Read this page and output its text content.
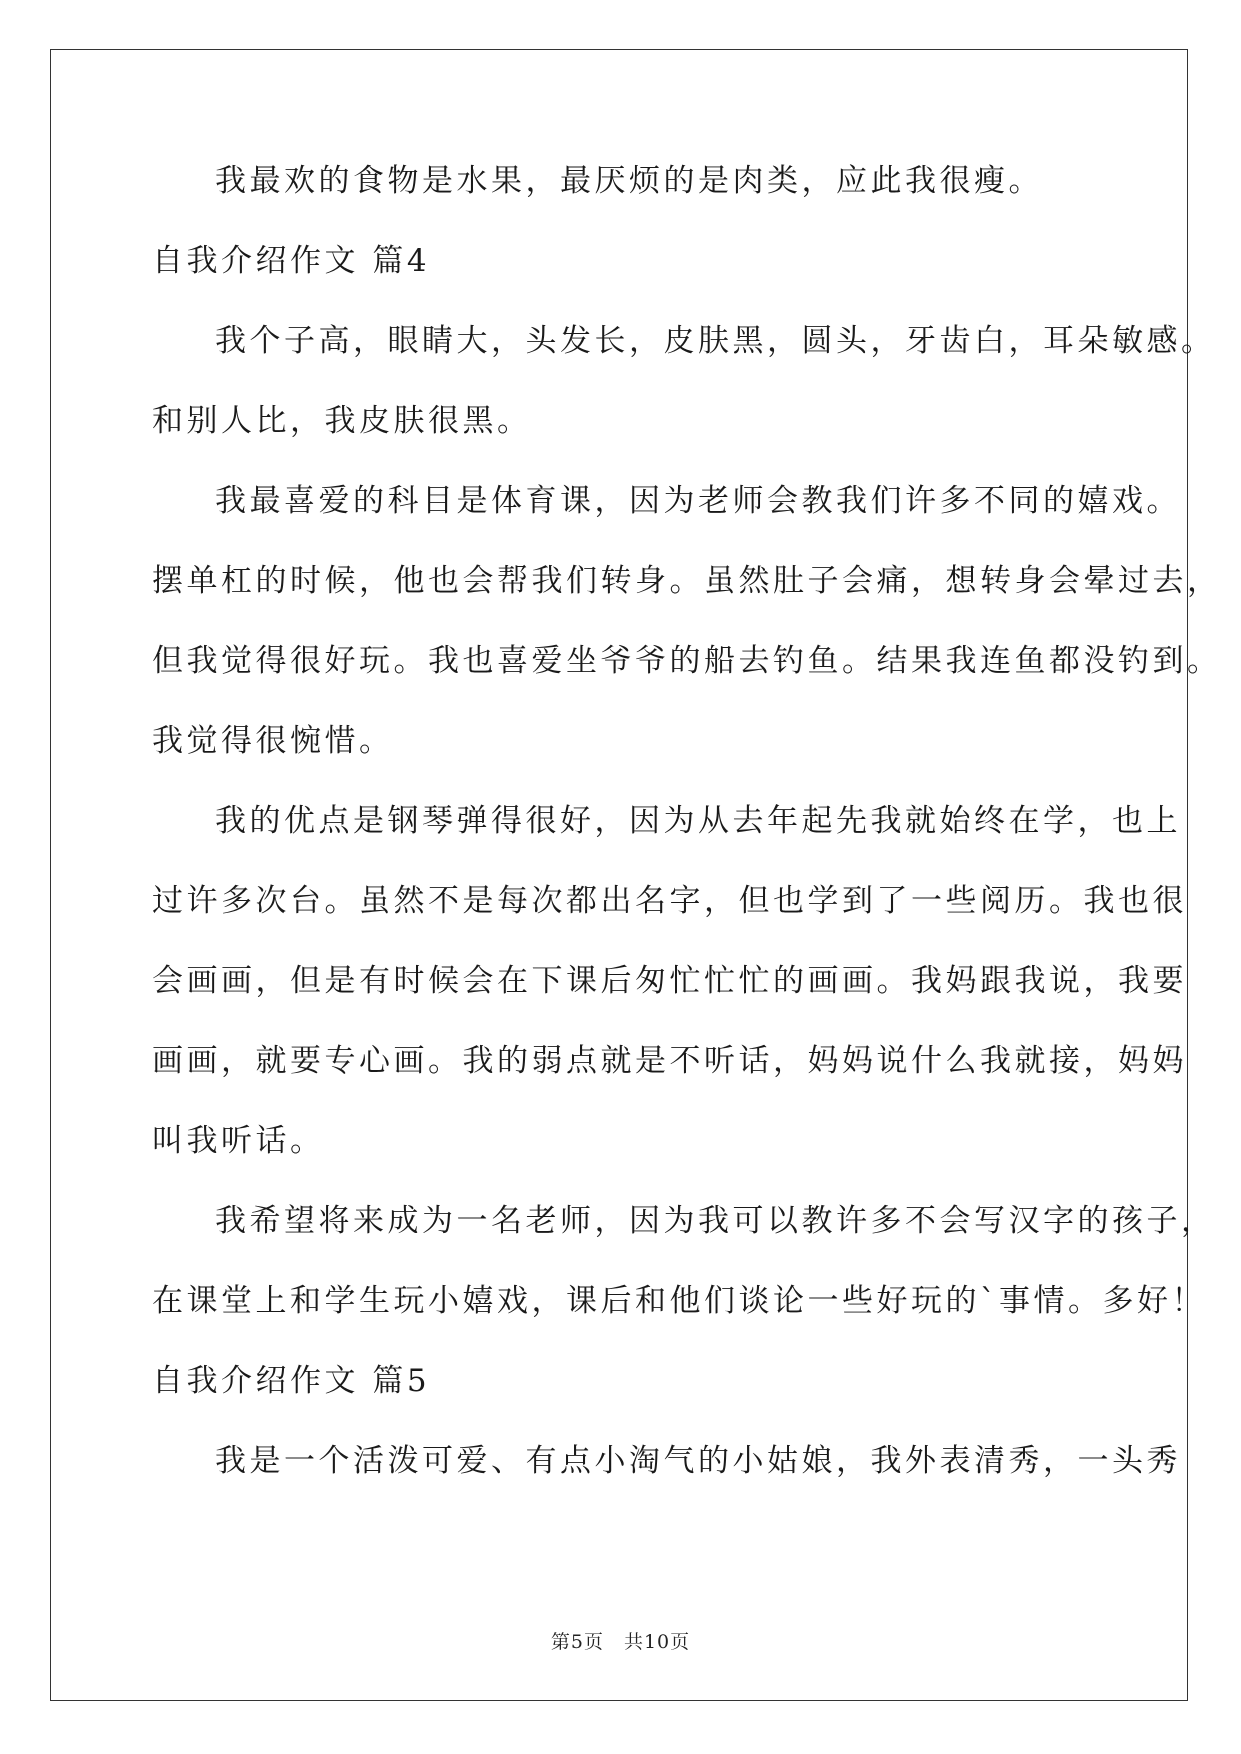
我最欢的食物是水果，最厌烦的是肉类，应此我很瘦。
自我介绍作文 篇4
我个子高，眼睛大，头发长，皮肤黑，圆头，牙齿白，耳朵敏感。
和别人比，我皮肤很黑。
我最喜爱的科目是体育课，因为老师会教我们许多不同的嬉戏。
摆单杠的时候，他也会帮我们转身。虽然肚子会痛，想转身会晕过去，
但我觉得很好玩。我也喜爱坐爷爷的船去钓鱼。结果我连鱼都没钓到。
我觉得很惋惜。
我的优点是钢琴弹得很好，因为从去年起先我就始终在学，也上
过许多次台。虽然不是每次都出名字，但也学到了一些阅历。我也很
会画画，但是有时候会在下课后匆忙忙忙的画画。我妈跟我说，我要
画画，就要专心画。我的弱点就是不听话，妈妈说什么我就接，妈妈
叫我听话。
我希望将来成为一名老师，因为我可以教许多不会写汉字的孩子，
在课堂上和学生玩小嬉戏，课后和他们谈论一些好玩的`事情。多好！
自我介绍作文 篇5
我是一个活泼可爱、有点小淘气的小姑娘，我外表清秀，一头秀
第5页　共10页
